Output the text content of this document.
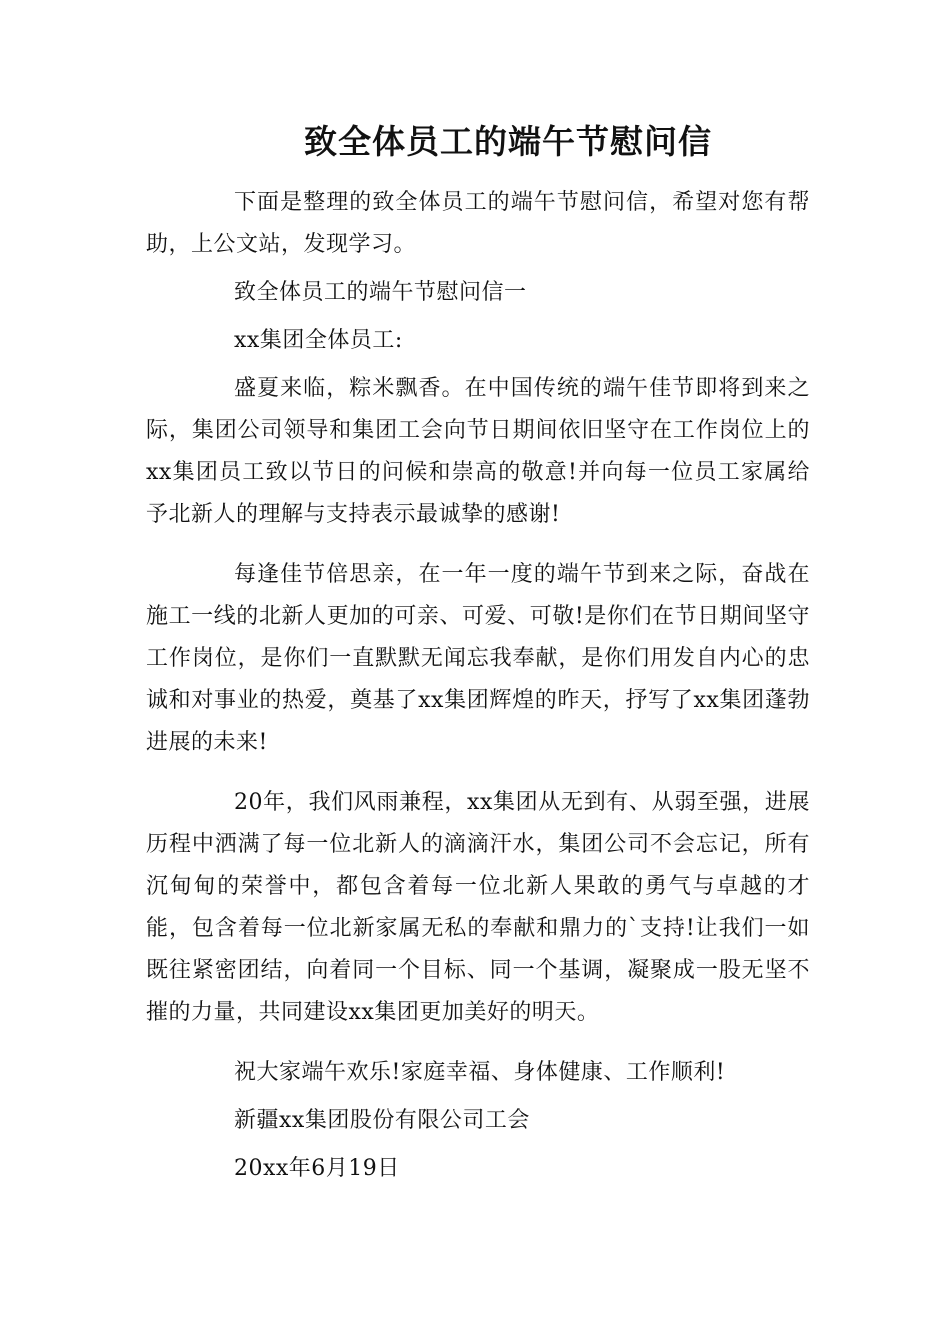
致全体员工的端午节慰问信

下面是整理的致全体员工的端午节慰问信，希望对您有帮助，上公文站，发现学习。

致全体员工的端午节慰问信一

xx集团全体员工:

盛夏来临，粽米飘香。在中国传统的端午佳节即将到来之际，集团公司领导和集团工会向节日期间依旧坚守在工作岗位上的xx集团员工致以节日的问候和崇高的敬意!并向每一位员工家属给予北新人的理解与支持表示最诚挚的感谢!

每逢佳节倍思亲，在一年一度的端午节到来之际，奋战在施工一线的北新人更加的可亲、可爱、可敬!是你们在节日期间坚守工作岗位，是你们一直默默无闻忘我奉献，是你们用发自内心的忠诚和对事业的热爱，奠基了xx集团辉煌的昨天，抒写了xx集团蓬勃进展的未来!

20年，我们风雨兼程，xx集团从无到有、从弱至强，进展历程中洒满了每一位北新人的滴滴汗水，集团公司不会忘记，所有沉甸甸的荣誉中，都包含着每一位北新人果敢的勇气与卓越的才能，包含着每一位北新家属无私的奉献和鼎力的`支持!让我们一如既往紧密团结，向着同一个目标、同一个基调，凝聚成一股无坚不摧的力量，共同建设xx集团更加美好的明天。

祝大家端午欢乐!家庭幸福、身体健康、工作顺利!

新疆xx集团股份有限公司工会

20xx年6月19日
